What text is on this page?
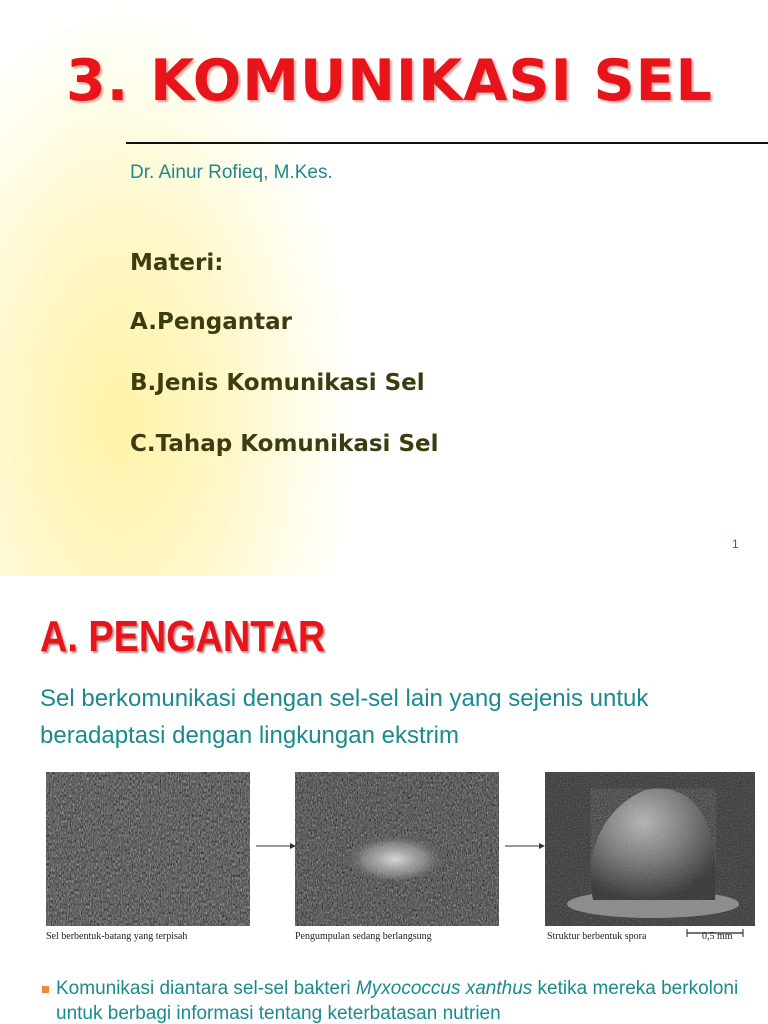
3. KOMUNIKASI SEL
Dr. Ainur Rofieq, M.Kes.
Materi:
A.Pengantar
B.Jenis Komunikasi Sel
C.Tahap Komunikasi Sel
1
A. PENGANTAR
Sel berkomunikasi dengan sel-sel lain yang sejenis untuk beradaptasi dengan lingkungan ekstrim
Sel berbentuk-batang yang terpisah	Pengumpulan sedang berlangsung	Struktur berbentuk spora	0,5 mm
Komunikasi diantara sel-sel bakteri Myxococcus xanthus ketika mereka berkoloni untuk berbagi informasi tentang keterbatasan nutrien
